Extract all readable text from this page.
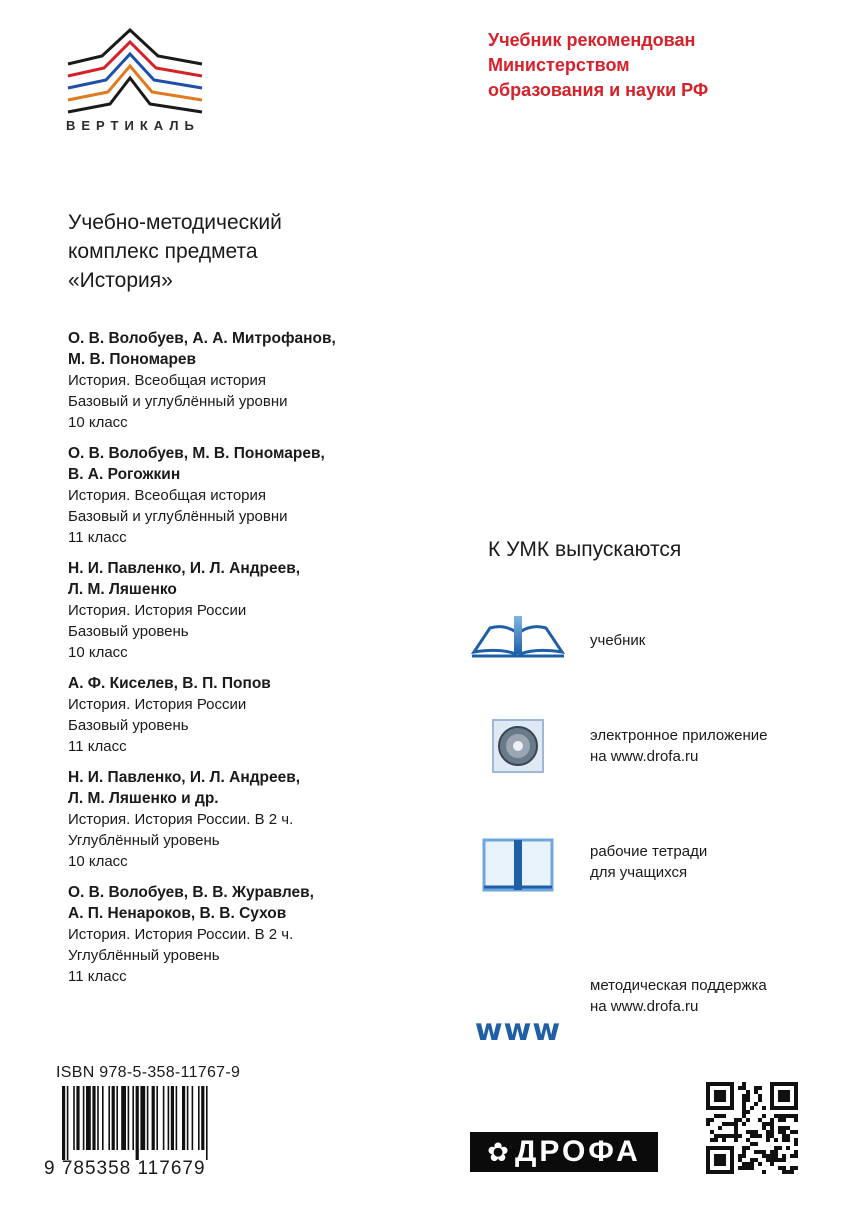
ВЕРТИКАЛЬ
Учебник рекомендован
Министерством
образования и науки РФ
Учебно-методический
комплекс предмета
«История»
О. В. Волобуев, А. А. Митрофанов,
М. В. Пономарев
История. Всеобщая история
Базовый и углублённый уровни
10 класс
О. В. Волобуев, М. В. Пономарев,
В. А. Рогожкин
История. Всеобщая история
Базовый и углублённый уровни
11 класс
Н. И. Павленко, И. Л. Андреев,
Л. М. Ляшенко
История. История России
Базовый уровень
10 класс
А. Ф. Киселев, В. П. Попов
История. История России
Базовый уровень
11 класс
Н. И. Павленко, И. Л. Андреев,
Л. М. Ляшенко и др.
История. История России. В 2 ч.
Углублённый уровень
10 класс
О. В. Волобуев, В. В. Журавлев,
А. П. Ненароков, В. В. Сухов
История. История России. В 2 ч.
Углублённый уровень
11 класс
К УМК выпускаются
учебник
электронное приложение
на www.drofa.ru
рабочие тетради
для учащихся
www
методическая поддержка
на www.drofa.ru
ISBN 978-5-358-11767-9
9 785358 117679
✿ ДРОФА
